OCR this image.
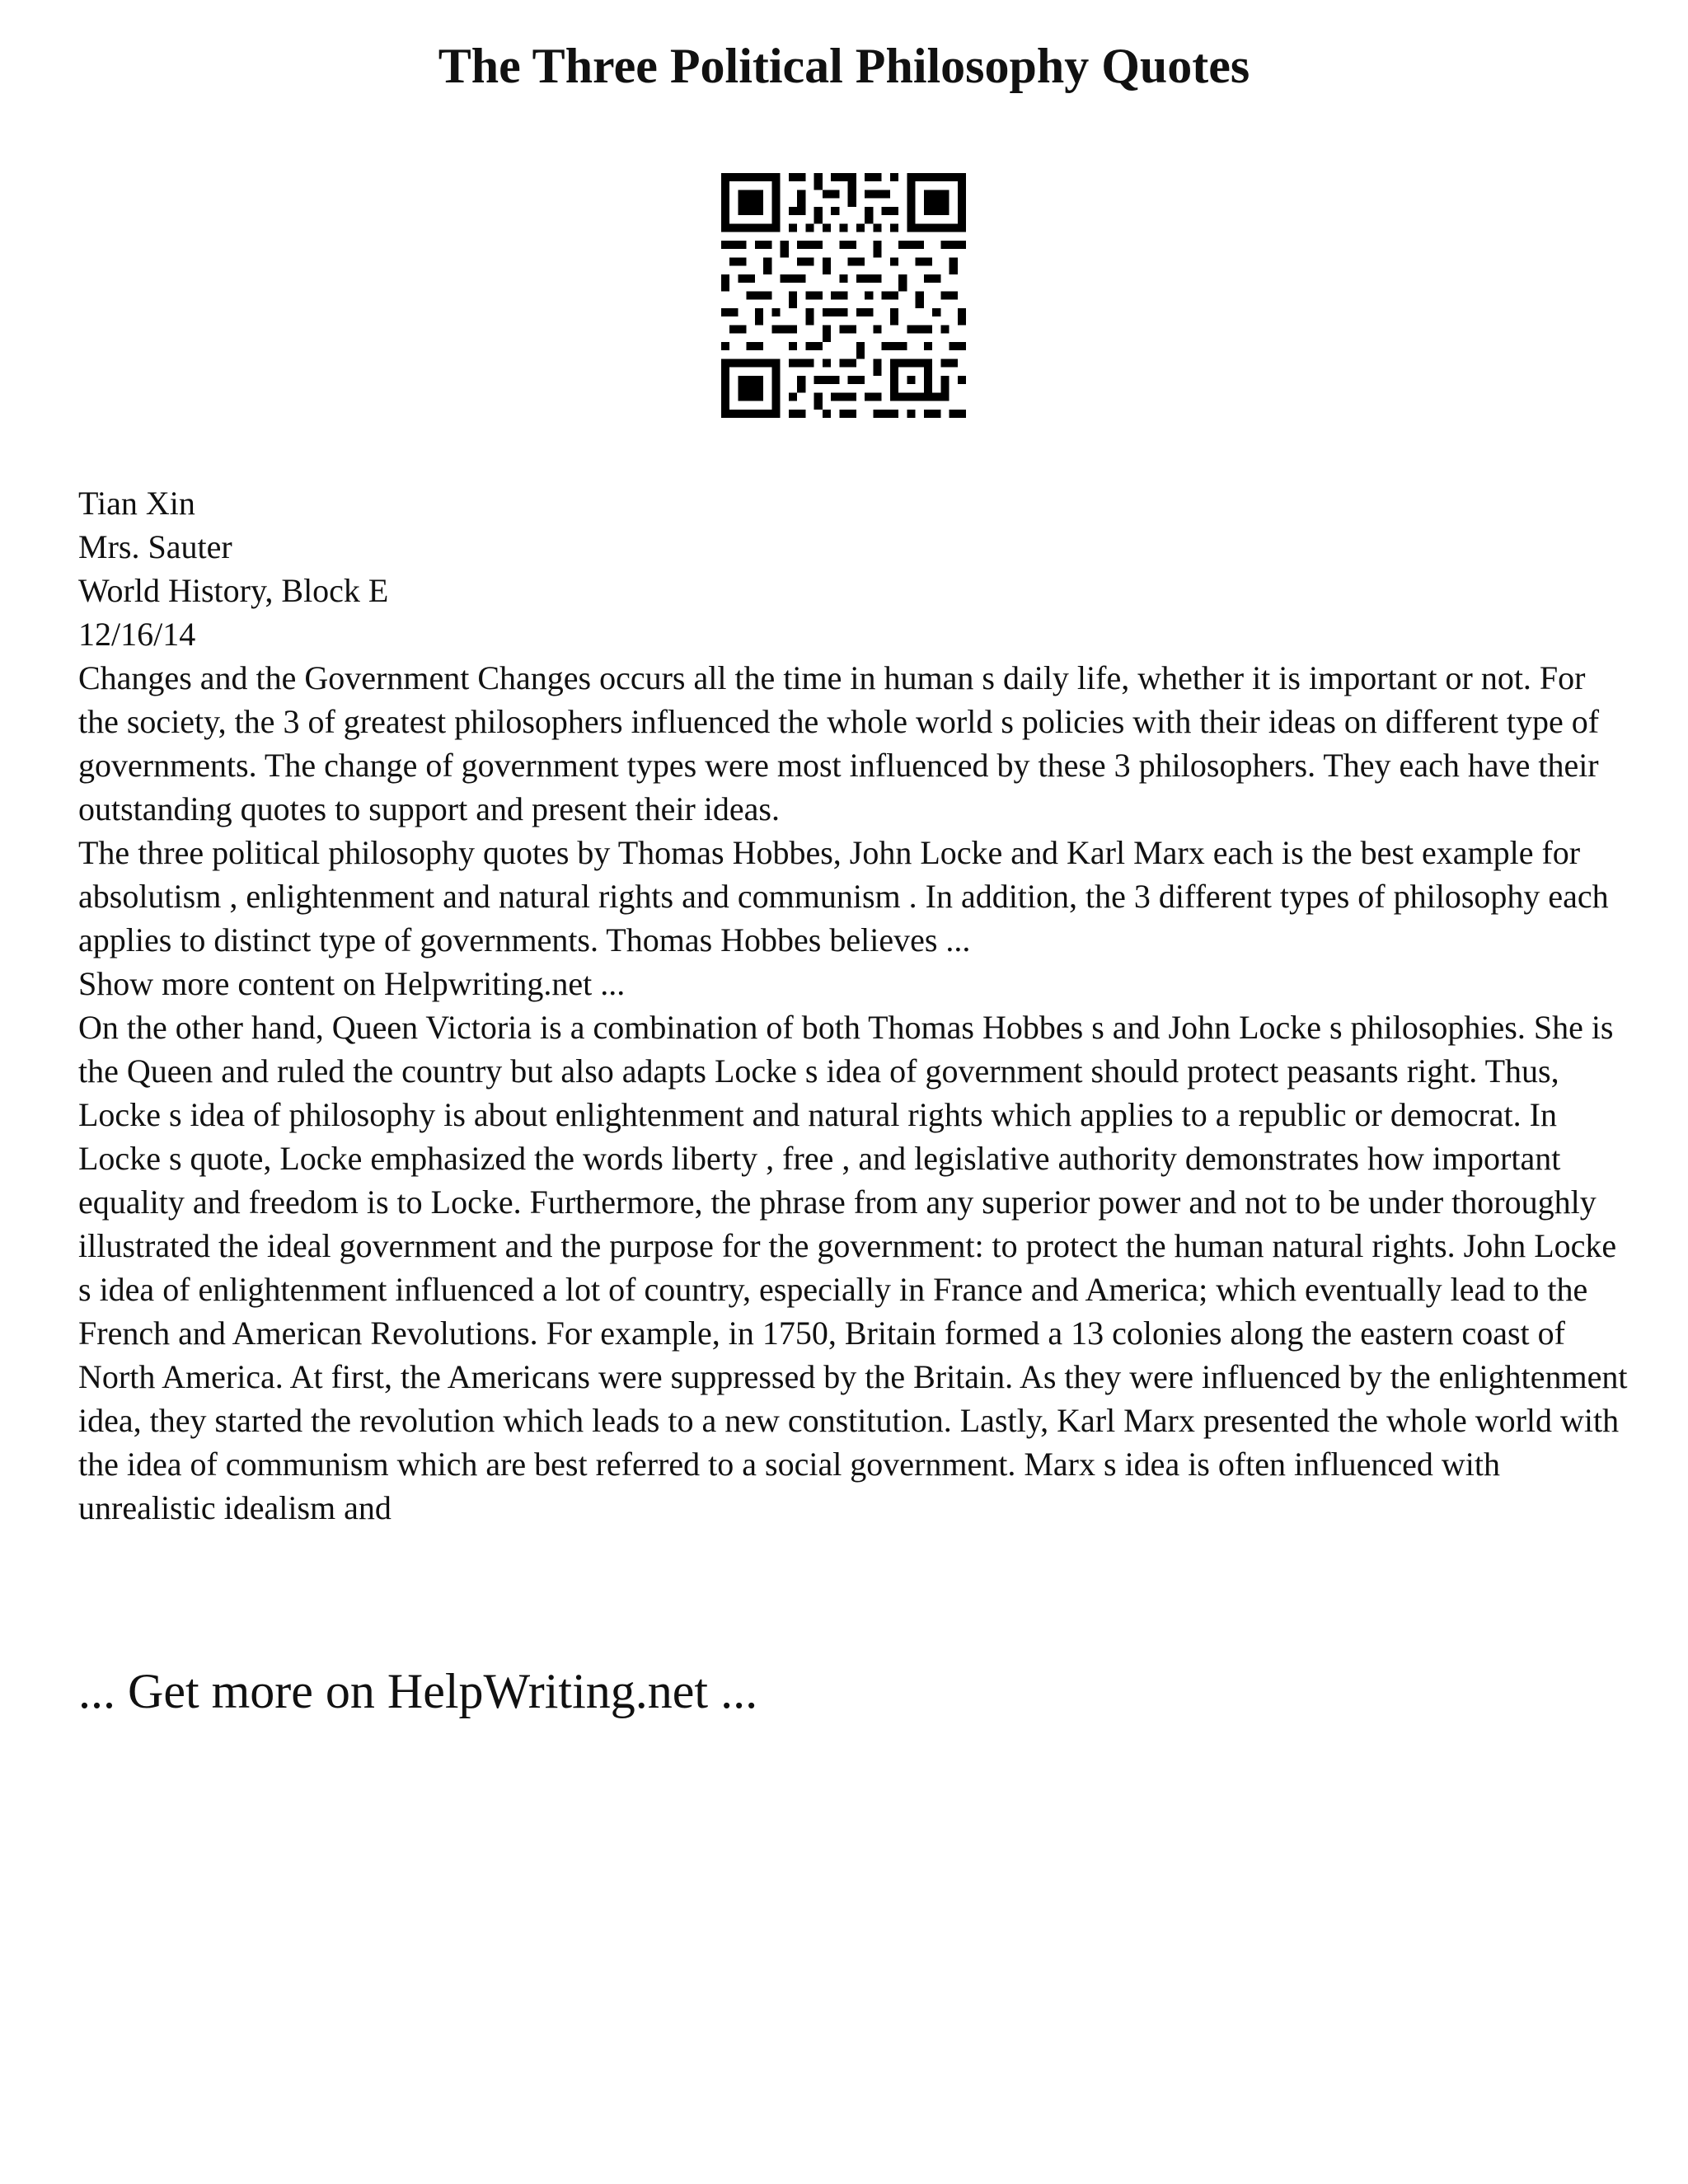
The Three Political Philosophy Quotes

Tian Xin

Mrs. Sauter

World History, Block E

12/16/14

Changes and the Government Changes occurs all the time in human s daily life, whether it is important or not. For the society, the 3 of greatest philosophers influenced the whole world s policies with their ideas on different type of governments. The change of government types were most influenced by these 3 philosophers. They each have their outstanding quotes to support and present their ideas.

The three political philosophy quotes by Thomas Hobbes, John Locke and Karl Marx each is the best example for absolutism , enlightenment and natural rights and communism . In addition, the 3 different types of philosophy each applies to distinct type of governments. Thomas Hobbes believes ...

Show more content on Helpwriting.net ...

On the other hand, Queen Victoria is a combination of both Thomas Hobbes s and John Locke s philosophies. She is the Queen and ruled the country but also adapts Locke s idea of government should protect peasants right. Thus, Locke s idea of philosophy is about enlightenment and natural rights which applies to a republic or democrat. In Locke s quote, Locke emphasized the words liberty , free , and legislative authority demonstrates how important equality and freedom is to Locke. Furthermore, the phrase from any superior power and not to be under thoroughly illustrated the ideal government and the purpose for the government: to protect the human natural rights. John Locke s idea of enlightenment influenced a lot of country, especially in France and America; which eventually lead to the French and American Revolutions. For example, in 1750, Britain formed a 13 colonies along the eastern coast of North America. At first, the Americans were suppressed by the Britain. As they were influenced by the enlightenment idea, they started the revolution which leads to a new constitution. Lastly, Karl Marx presented the whole world with the idea of communism which are best referred to a social government. Marx s idea is often influenced with unrealistic idealism and

... Get more on HelpWriting.net ...
